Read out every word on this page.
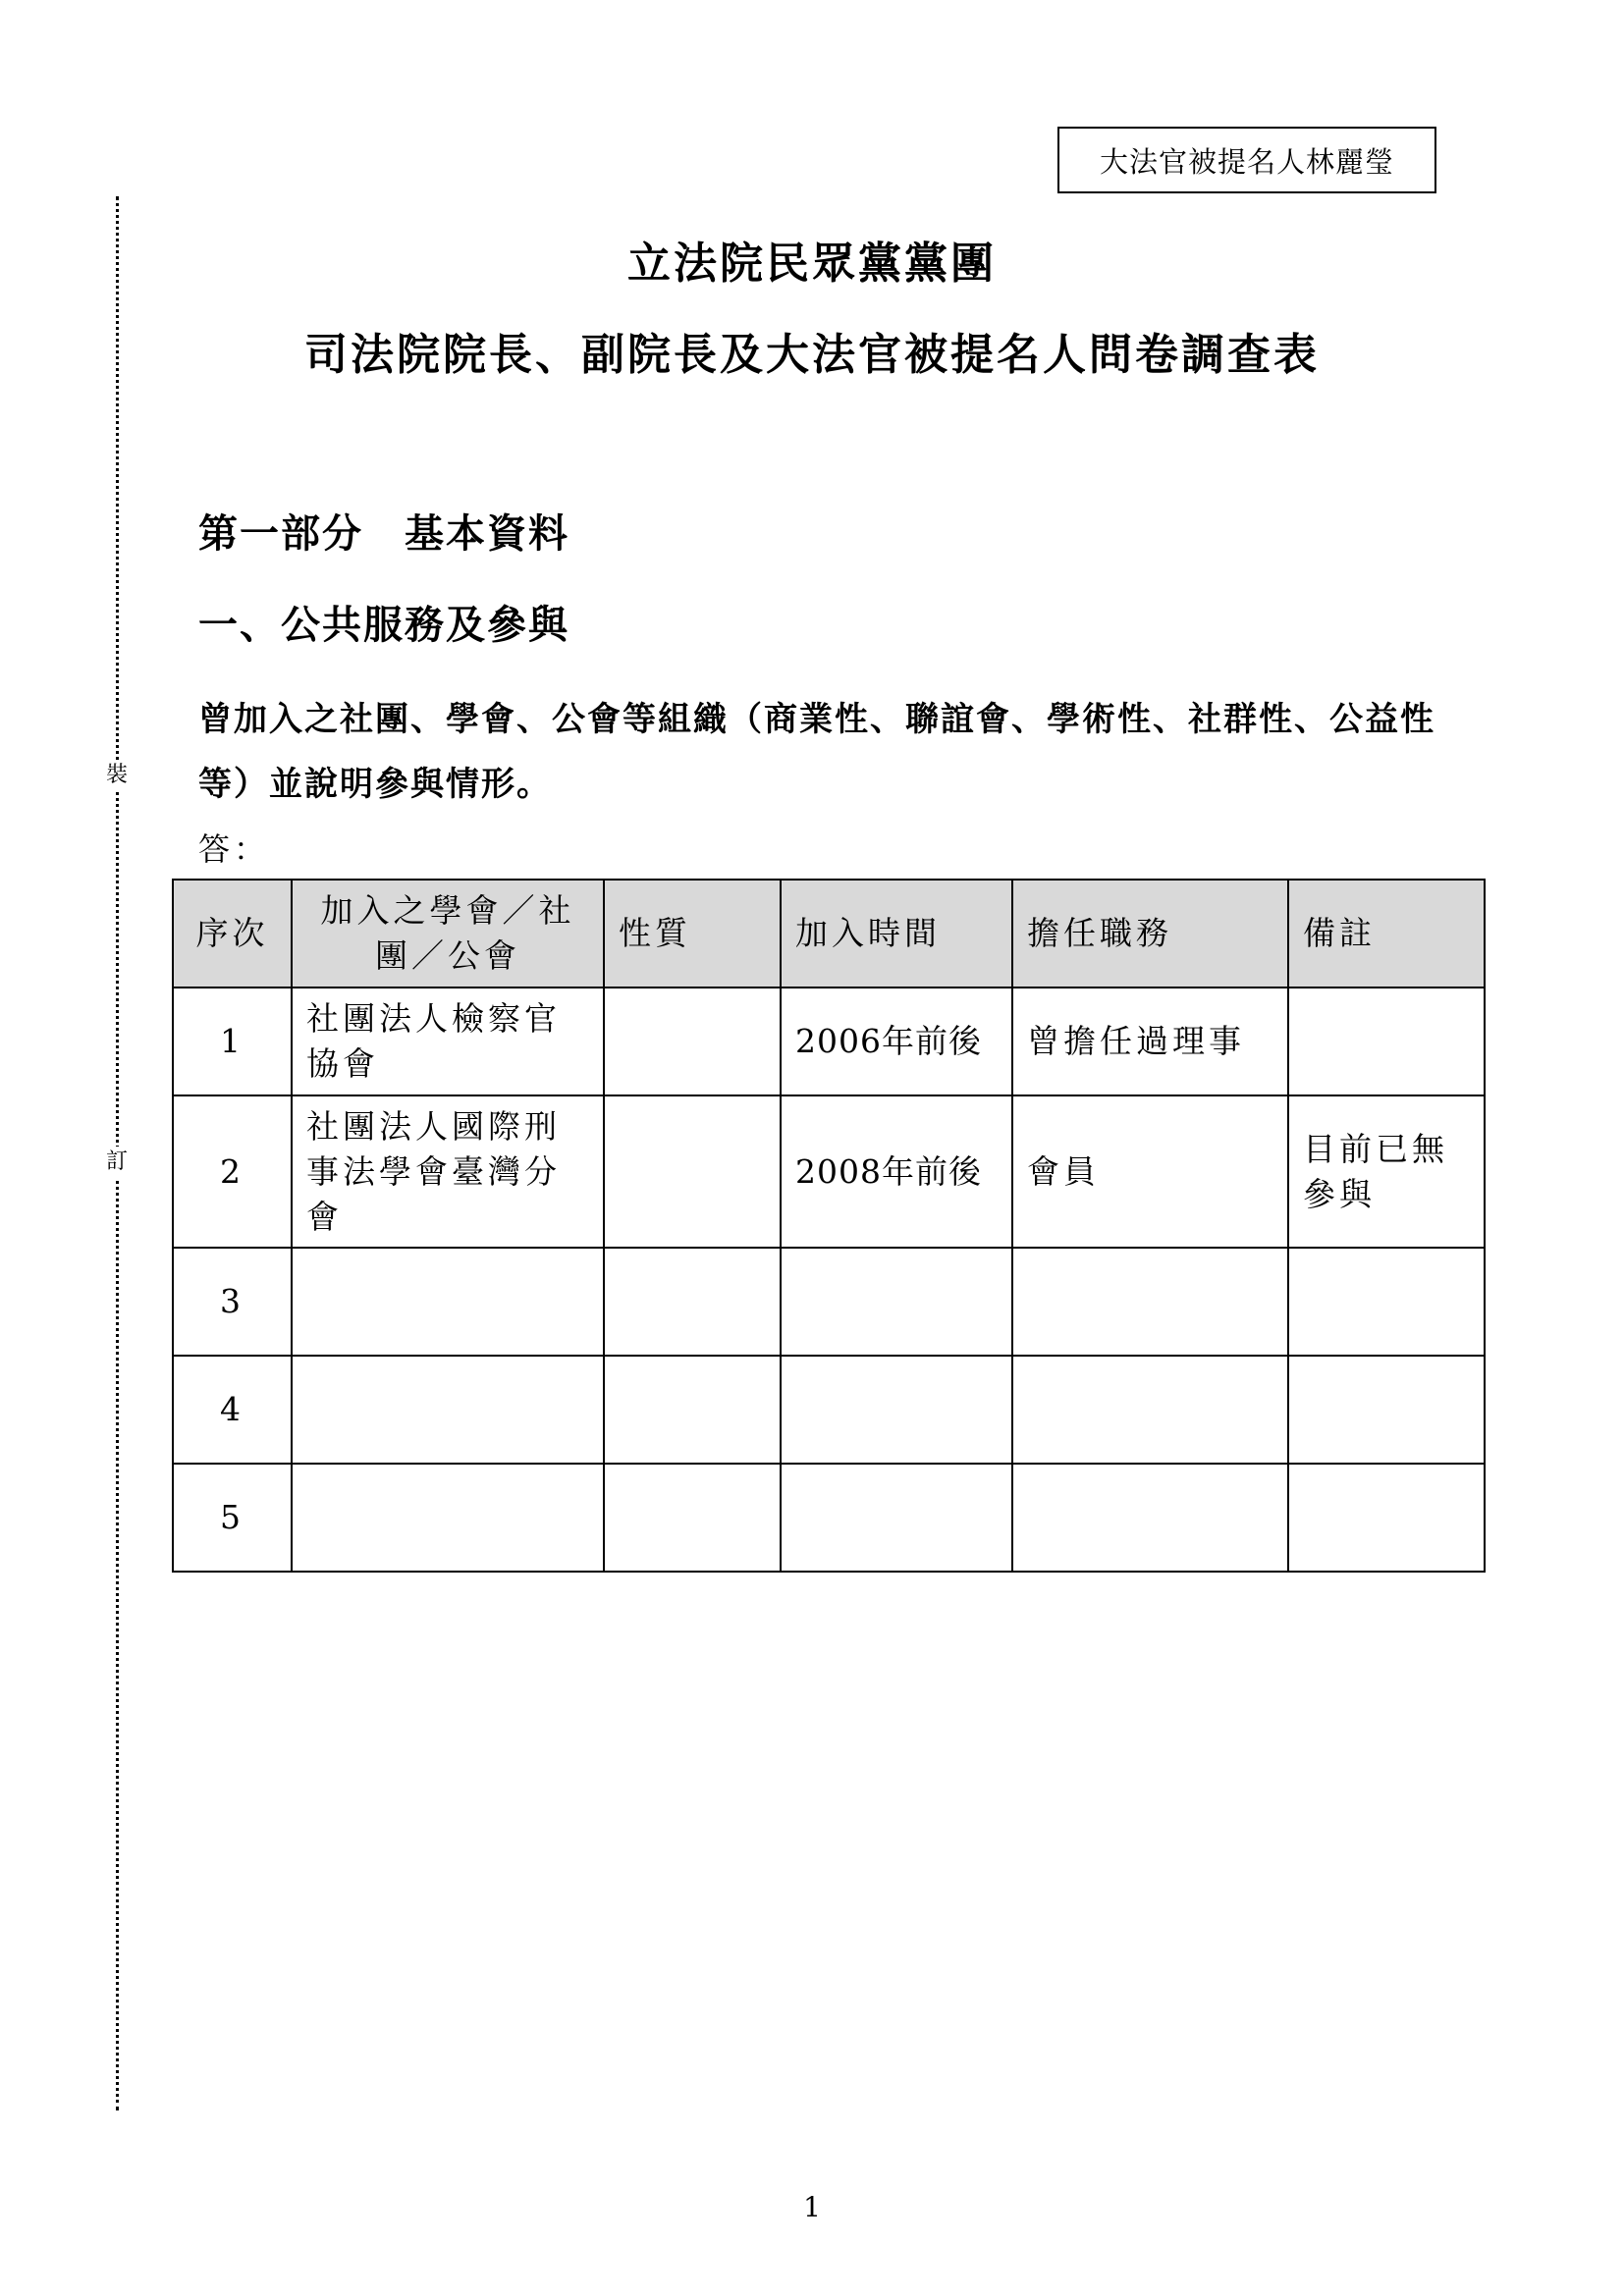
大法官被提名人林麗瑩
裝
訂
立法院民眾黨黨團
司法院院長、副院長及大法官被提名人問卷調查表
第一部分　基本資料
一、公共服務及參與
曾加入之社團、學會、公會等組織（商業性、聯誼會、學術性、社群性、公益性等）並說明參與情形。
答：
序次	加入之學會／社團／公會	性質	加入時間	擔任職務	備註
1	社團法人檢察官協會		2006年前後	曾擔任過理事	
2	社團法人國際刑事法學會臺灣分會		2008年前後	會員	目前已無參與
3					
4					
5					
1
